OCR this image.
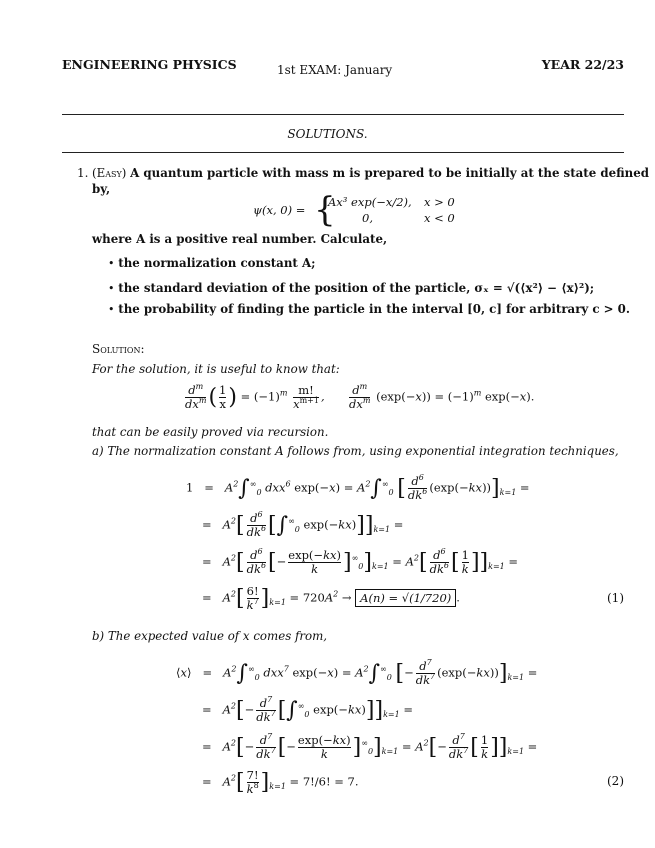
ENGINEERING PHYSICS	1st EXAM: January	YEAR 22/23
SOLUTIONS.
1. (Easy) A quantum particle with mass m is prepared to be initially at the state defined
by,
ψ(x, 0) = {
Ax³ exp(−x/2), x > 0
0,	x < 0
where A is a positive real number. Calculate,
• the normalization constant A;
• the standard deviation of the position of the particle, σₓ = √(⟨x²⟩ − ⟨x⟩²);
• the probability of finding the particle in the interval [0, c] for arbitrary c > 0.
Solution:
For the solution, it is useful to know that:
$\frac{d^m}{dx^m}$ ( $\frac{1}{x}$ ) = $(-1)^m \frac{m!}{x^{m+1}}$ , $\frac{d^m}{dx^m} (\exp(-x)) = (-1)^m$ exp(−x).
that can be easily proved via recursion.
a) The normalization constant A follows from, using exponential integration techniques,
$1 = A^2\int^\infty_0$ dxx$^6$ $\exp(-x) = A^2\int^\infty_0$ [ $\frac{d^6}{dk^6} (\exp(-kx))]_{k=1}$ =
=   $A^2[ \frac{d^6}{dk^6} [\int^\infty_0$ $\exp(-kx)]]_{k=1}$ =
=   $A^2[ \frac{d^6}{dk^6}$ [− $\frac{\exp(-kx)}{k} ]^\infty_0]_{k=1} = A^2[ \frac{d^6}{dk^6}$ [ $\frac{1}{k} ]]_{k=1}$ =
=   $A^2[ \frac{6!}{k^7} ]_{k=1} = 720A^2 \to A(n) = √(1/720)$ .	(1)
b) The expected value of x comes from,
⟨x⟩   =   $A^2\int^\infty_0$ dxx$^7$ $\exp(-x) = A^2\int^\infty_0$ [− $\frac{d^7}{dk^7} (\exp(-kx))]_{k=1}$ =
=   $A^2[- \frac{d^7}{dk^7} [\int^\infty_0$ $\exp(-kx)]]_{k=1}$ =
=   $A^2[- \frac{d^7}{dk^7}$ [− $\frac{\exp(-kx)}{k} ]^\infty_0]_{k=1} = A^2[- \frac{d^7}{dk^7}$ [ $\frac{1}{k} ]]_{k=1}$ =
=   $A^2[ \frac{7!}{k^8} ]_{k=1} = 7!/6$! = 7.	(2)
